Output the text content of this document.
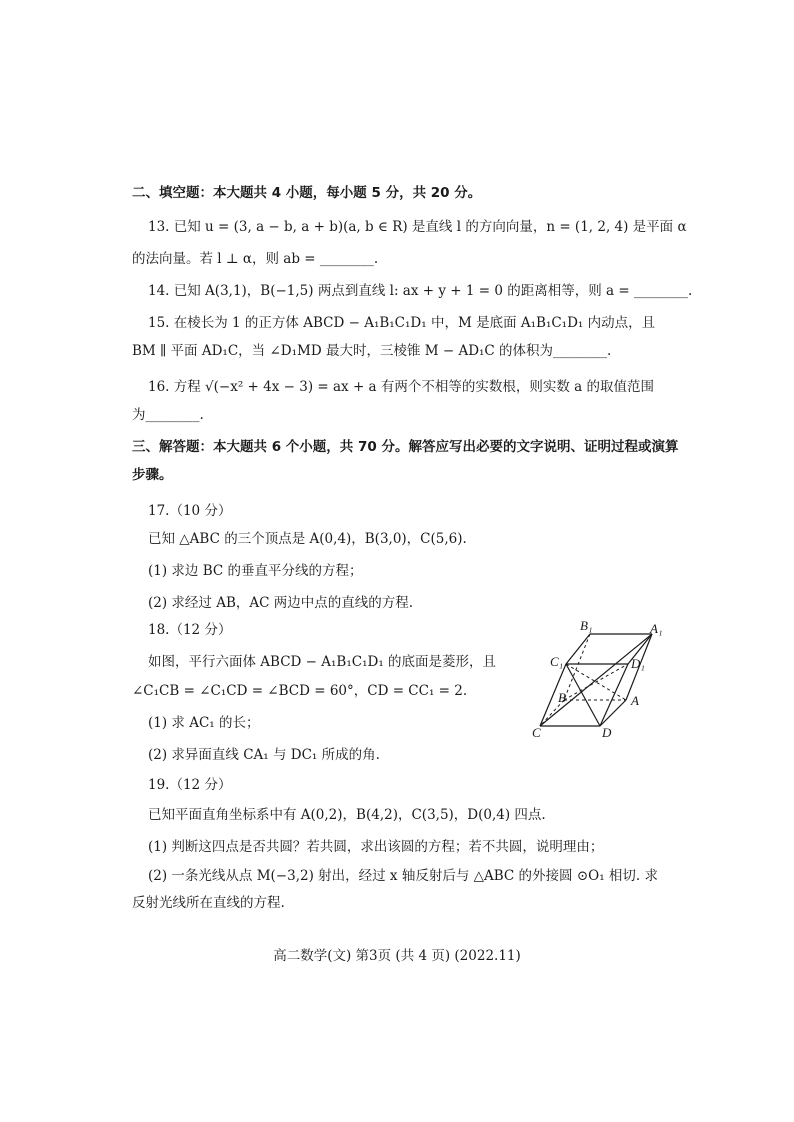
二、填空题：本大题共 4 小题，每小题 5 分，共 20 分。
13. 已知 u = (3, a − b, a + b)(a, b ∈ R) 是直线 l 的方向向量，n = (1, 2, 4) 是平面 α
的法向量。若 l ⊥ α，则 ab = ________.
14. 已知 A(3,1)，B(−1,5) 两点到直线 l: ax + y + 1 = 0 的距离相等，则 a = ________.
15. 在棱长为 1 的正方体 ABCD − A₁B₁C₁D₁ 中，M 是底面 A₁B₁C₁D₁ 内动点，且
BM ∥ 平面 AD₁C，当 ∠D₁MD 最大时，三棱锥 M − AD₁C 的体积为________.
16. 方程 √(−x² + 4x − 3) = ax + a 有两个不相等的实数根，则实数 a 的取值范围
为________.
三、解答题：本大题共 6 个小题，共 70 分。解答应写出必要的文字说明、证明过程或演算
步骤。
17.（10 分）
已知 △ABC 的三个顶点是 A(0,4)，B(3,0)，C(5,6).
(1) 求边 BC 的垂直平分线的方程；
(2) 求经过 AB，AC 两边中点的直线的方程.
18.（12 分）
如图，平行六面体 ABCD − A₁B₁C₁D₁ 的底面是菱形，且
∠C₁CB = ∠C₁CD = ∠BCD = 60°，CD = CC₁ = 2.
(1) 求 AC₁ 的长；
(2) 求异面直线 CA₁ 与 DC₁ 所成的角.
19.（12 分）
已知平面直角坐标系中有 A(0,2)，B(4,2)，C(3,5)，D(0,4) 四点.
(1) 判断这四点是否共圆？若共圆，求出该圆的方程；若不共圆，说明理由；
(2) 一条光线从点 M(−3,2) 射出，经过 x 轴反射后与 △ABC 的外接圆 ⊙O₁ 相切. 求
反射光线所在直线的方程.
B₁	A₁
C₁	D₁
B	A
C	D
高二数学(文) 第3页 (共 4 页) (2022.11)
